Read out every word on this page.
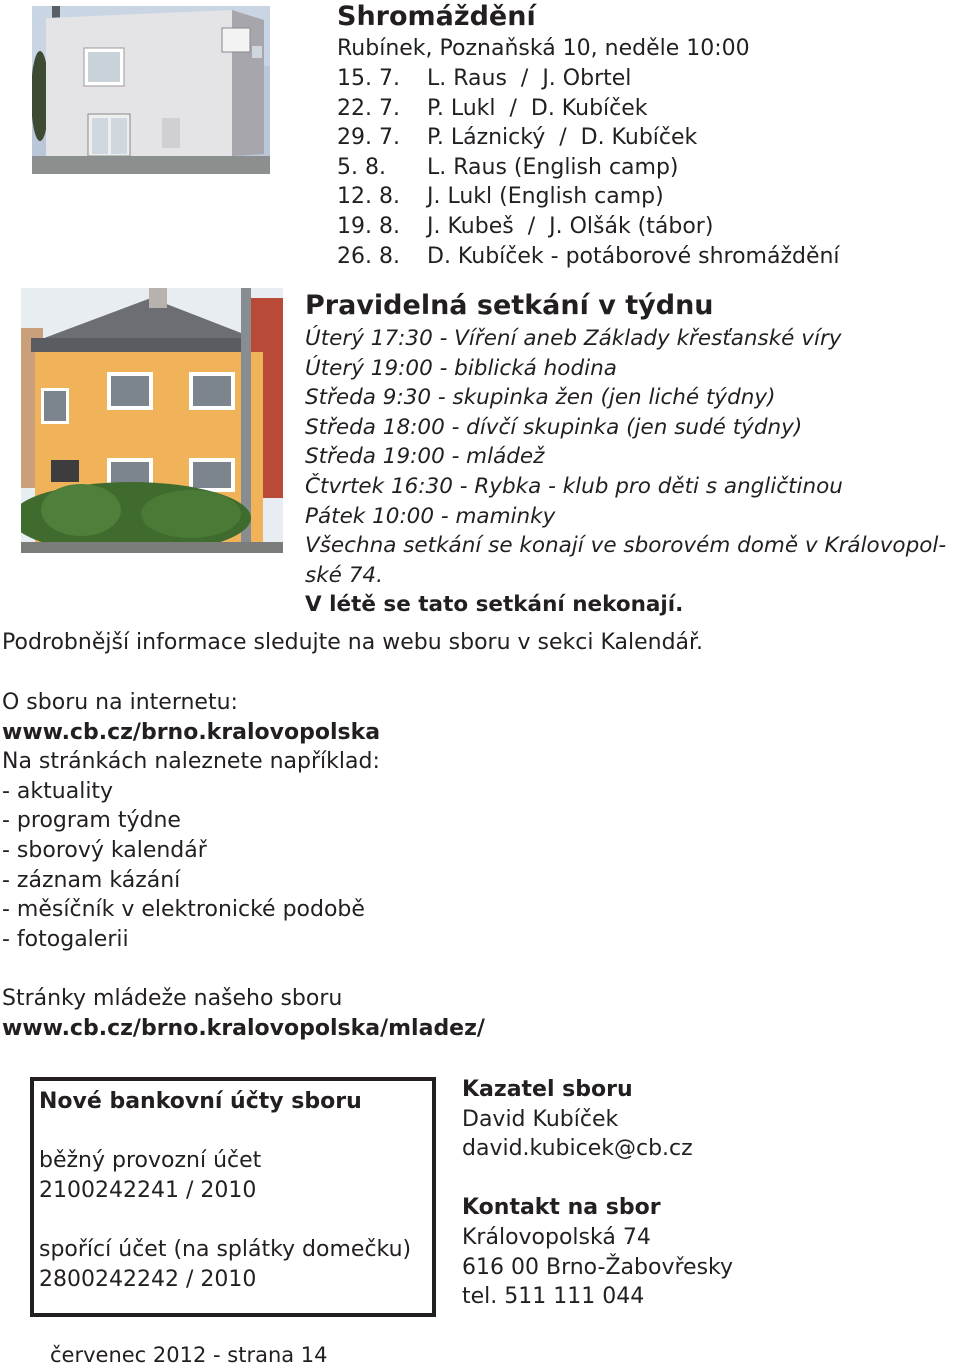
Shromáždění
Rubínek, Poznaňská 10, neděle 10:00
15. 7.	L. Raus  /  J. Obrtel
22. 7.	P. Lukl  /  D. Kubíček
29. 7.	P. Láznický  /  D. Kubíček
5. 8.	L. Raus (English camp)
12. 8.	J. Lukl (English camp)
19. 8.	J. Kubeš  /  J. Olšák (tábor)
26. 8.	D. Kubíček - potáborové shromáždění
Pravidelná setkání v týdnu
Úterý 17:30 - Víření aneb Základy křesťanské víry
Úterý 19:00 - biblická hodina
Středa 9:30 - skupinka žen (jen liché týdny)
Středa 18:00 - dívčí skupinka (jen sudé týdny)
Středa 19:00 - mládež
Čtvrtek 16:30 - Rybka - klub pro děti s angličtinou
Pátek 10:00 - maminky
Všechna setkání se konají ve sborovém domě v Královopol-
ské 74.
V létě se tato setkání nekonají.
Podrobnější informace sledujte na webu sboru v sekci Kalendář.
O sboru na internetu:
www.cb.cz/brno.kralovopolska
Na stránkách naleznete například:
- aktuality
- program týdne
- sborový kalendář
- záznam kázání
- měsíčník v elektronické podobě
- fotogalerii
Stránky mládeže našeho sboru
www.cb.cz/brno.kralovopolska/mladez/
Nové bankovní účty sboru
běžný provozní účet
2100242241 / 2010
spořící účet (na splátky domečku)
2800242242 / 2010
Kazatel sboru
David Kubíček
david.kubicek@cb.cz
Kontakt na sbor
Královopolská 74
616 00 Brno-Žabovřesky
tel. 511 111 044
červenec 2012 - strana 14
